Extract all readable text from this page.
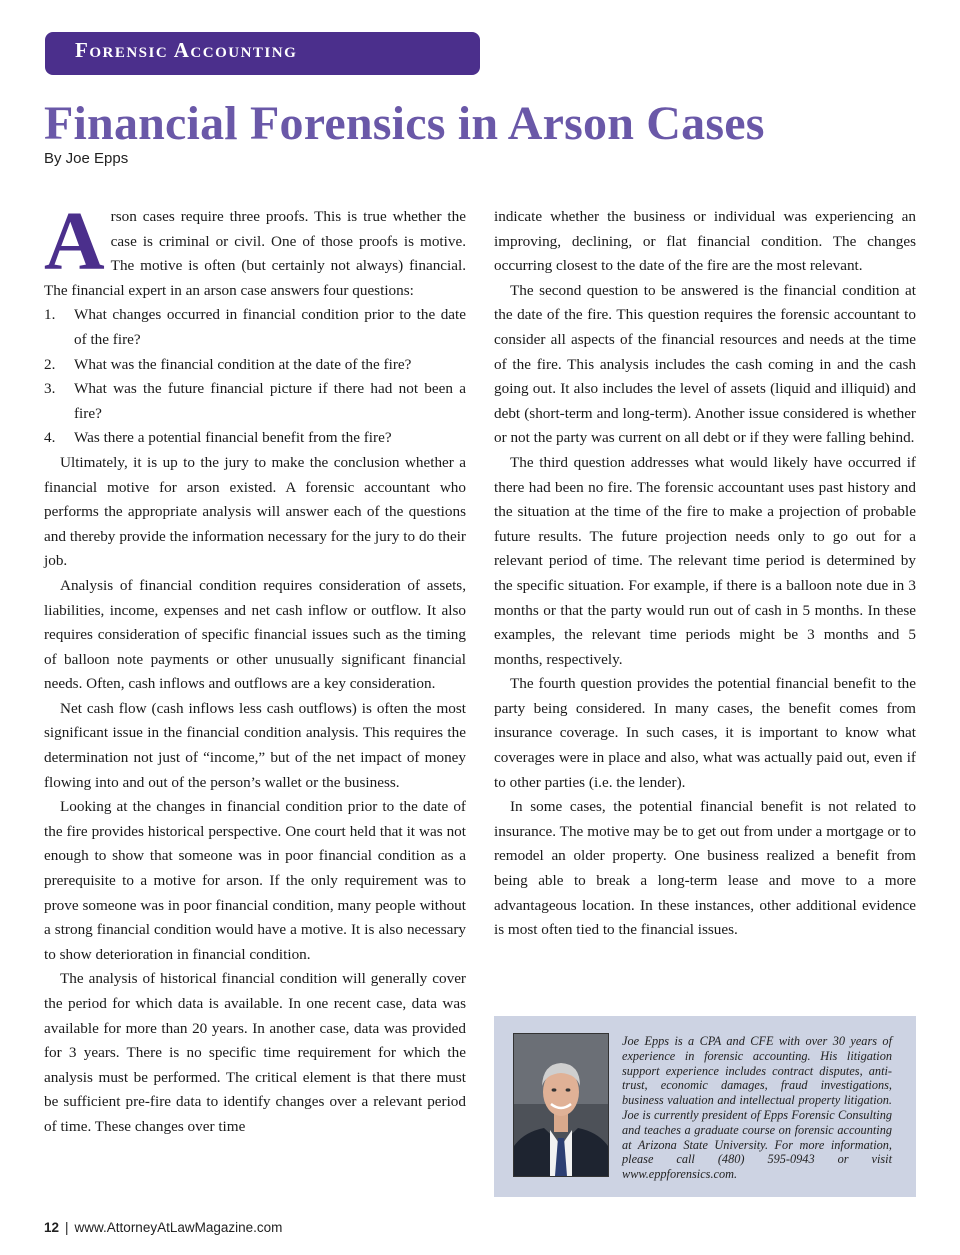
Forensic Accounting
Financial Forensics in Arson Cases
By Joe Epps

Arson cases require three proofs. This is true whether the case is criminal or civil. One of those proofs is motive. The motive is often (but certainly not always) financial. The financial expert in an arson case answers four questions:

1. What changes occurred in financial condition prior to the date of the fire?
2. What was the financial condition at the date of the fire?
3. What was the future financial picture if there had not been a fire?
4. Was there a potential financial benefit from the fire?

Ultimately, it is up to the jury to make the conclusion whether a financial motive for arson existed. A forensic accountant who performs the appropriate analysis will answer each of the questions and thereby provide the information necessary for the jury to do their job.

Analysis of financial condition requires consideration of assets, liabilities, income, expenses and net cash inflow or outflow. It also requires consideration of specific financial issues such as the timing of balloon note payments or other unusually significant financial needs. Often, cash inflows and outflows are a key consideration.

Net cash flow (cash inflows less cash outflows) is often the most significant issue in the financial condition analysis. This requires the determination not just of “income,” but of the net impact of money flowing into and out of the person’s wallet or the business.

Looking at the changes in financial condition prior to the date of the fire provides historical perspective. One court held that it was not enough to show that someone was in poor financial condition as a prerequisite to a motive for arson. If the only requirement was to prove someone was in poor financial condition, many people without a strong financial condition would have a motive. It is also necessary to show deterioration in financial condition.

The analysis of historical financial condition will generally cover the period for which data is available. In one recent case, data was available for more than 20 years. In another case, data was provided for 3 years. There is no specific time requirement for which the analysis must be performed. The critical element is that there must be sufficient pre-fire data to identify changes over a relevant period of time. These changes over time

indicate whether the business or individual was experiencing an improving, declining, or flat financial condition. The changes occurring closest to the date of the fire are the most relevant.

The second question to be answered is the financial condition at the date of the fire. This question requires the forensic accountant to consider all aspects of the financial resources and needs at the time of the fire. This analysis includes the cash coming in and the cash going out. It also includes the level of assets (liquid and illiquid) and debt (short-term and long-term). Another issue considered is whether or not the party was current on all debt or if they were falling behind.

The third question addresses what would likely have occurred if there had been no fire. The forensic accountant uses past history and the situation at the time of the fire to make a projection of probable future results. The future projection needs only to go out for a relevant period of time. The relevant time period is determined by the specific situation. For example, if there is a balloon note due in 3 months or that the party would run out of cash in 5 months. In these examples, the relevant time periods might be 3 months and 5 months, respectively.

The fourth question provides the potential financial benefit to the party being considered. In many cases, the benefit comes from insurance coverage. In such cases, it is important to know what coverages were in place and also, what was actually paid out, even if to other parties (i.e. the lender).

In some cases, the potential financial benefit is not related to insurance. The motive may be to get out from under a mortgage or to remodel an older property. One business realized a benefit from being able to break a long-term lease and move to a more advantageous location. In these instances, other additional evidence is most often tied to the financial issues.

Joe Epps is a CPA and CFE with over 30 years of experience in forensic accounting. His litigation support experience includes contract disputes, anti-trust, economic damages, fraud investigations, business valuation and intellectual property litigation. Joe is currently president of Epps Forensic Consulting and teaches a graduate course on forensic accounting at Arizona State University. For more information, please call (480) 595-0943 or visit www.eppforensics.com.
12 | www.AttorneyAtLawMagazine.com
